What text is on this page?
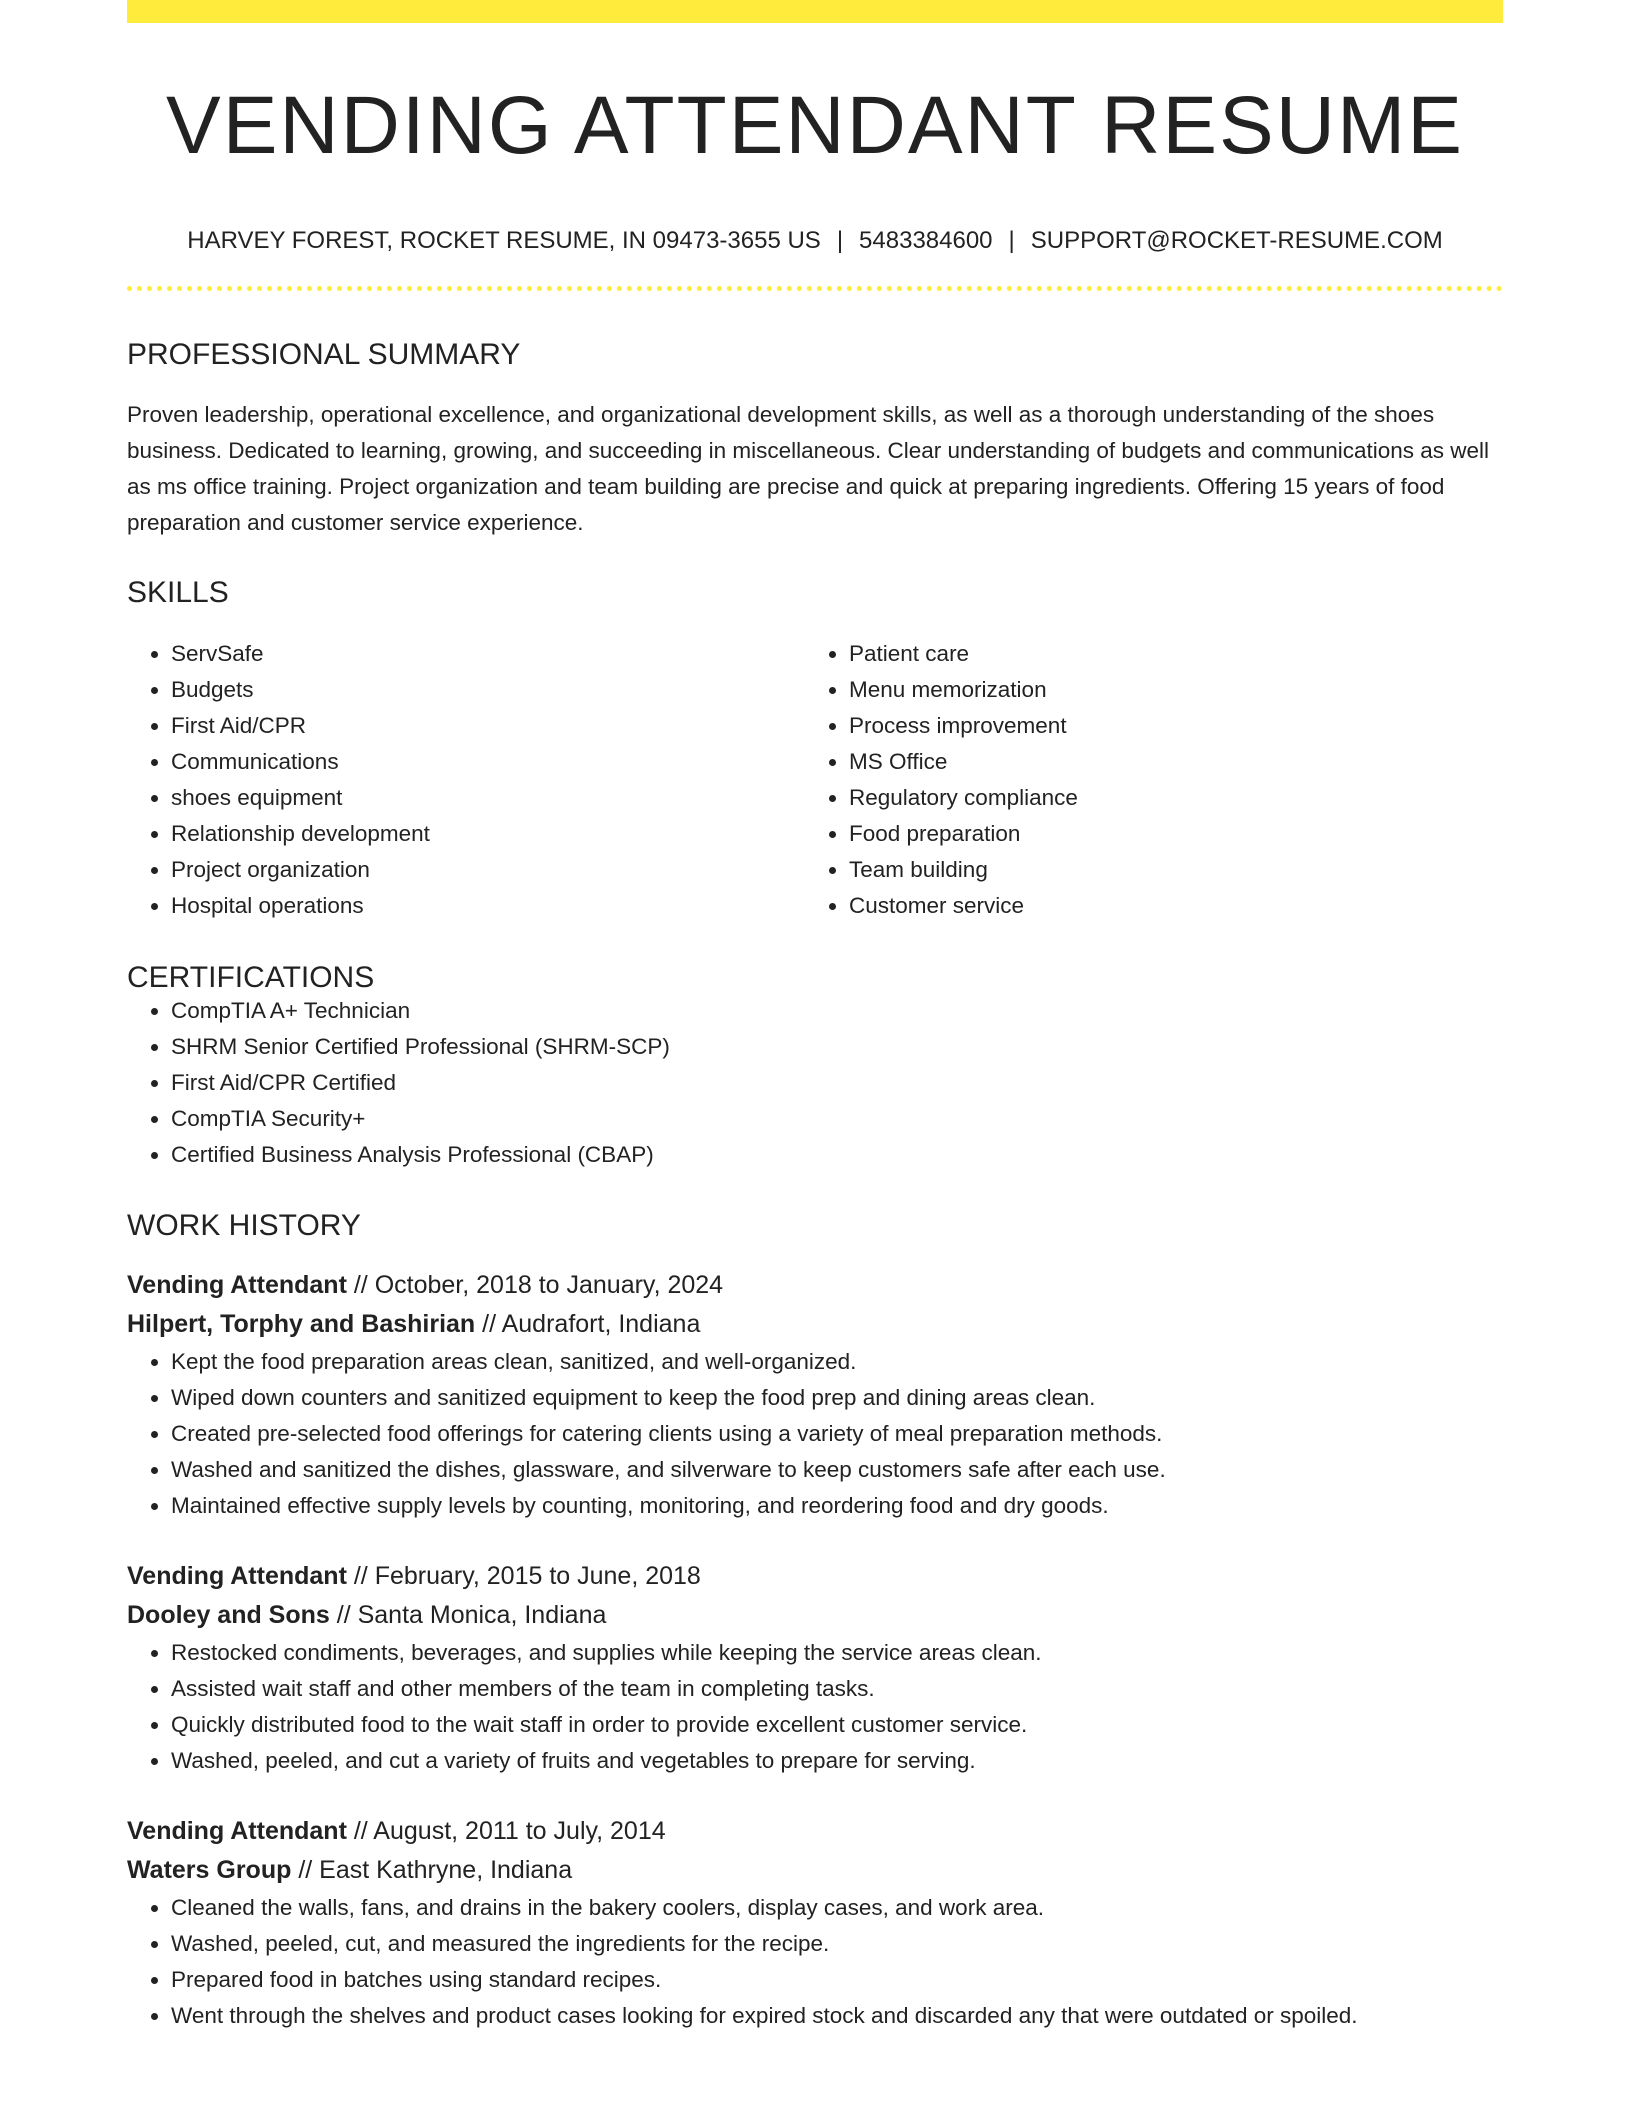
VENDING ATTENDANT RESUME
HARVEY FOREST, ROCKET RESUME, IN 09473-3655 US | 5483384600 | SUPPORT@ROCKET-RESUME.COM
PROFESSIONAL SUMMARY

Proven leadership, operational excellence, and organizational development skills, as well as a thorough understanding of the shoes business. Dedicated to learning, growing, and succeeding in miscellaneous. Clear understanding of budgets and communications as well as ms office training. Project organization and team building are precise and quick at preparing ingredients. Offering 15 years of food preparation and customer service experience.

SKILLS
• ServSafe
• Budgets
• First Aid/CPR
• Communications
• shoes equipment
• Relationship development
• Project organization
• Hospital operations
• Patient care
• Menu memorization
• Process improvement
• MS Office
• Regulatory compliance
• Food preparation
• Team building
• Customer service
CERTIFICATIONS
• CompTIA A+ Technician
• SHRM Senior Certified Professional (SHRM-SCP)
• First Aid/CPR Certified
• CompTIA Security+
• Certified Business Analysis Professional (CBAP)
WORK HISTORY
Vending Attendant // October, 2018 to January, 2024
Hilpert, Torphy and Bashirian // Audrafort, Indiana
• Kept the food preparation areas clean, sanitized, and well-organized.
• Wiped down counters and sanitized equipment to keep the food prep and dining areas clean.
• Created pre-selected food offerings for catering clients using a variety of meal preparation methods.
• Washed and sanitized the dishes, glassware, and silverware to keep customers safe after each use.
• Maintained effective supply levels by counting, monitoring, and reordering food and dry goods.
Vending Attendant // February, 2015 to June, 2018
Dooley and Sons // Santa Monica, Indiana
• Restocked condiments, beverages, and supplies while keeping the service areas clean.
• Assisted wait staff and other members of the team in completing tasks.
• Quickly distributed food to the wait staff in order to provide excellent customer service.
• Washed, peeled, and cut a variety of fruits and vegetables to prepare for serving.
Vending Attendant // August, 2011 to July, 2014
Waters Group // East Kathryne, Indiana
• Cleaned the walls, fans, and drains in the bakery coolers, display cases, and work area.
• Washed, peeled, cut, and measured the ingredients for the recipe.
• Prepared food in batches using standard recipes.
• Went through the shelves and product cases looking for expired stock and discarded any that were outdated or spoiled.
